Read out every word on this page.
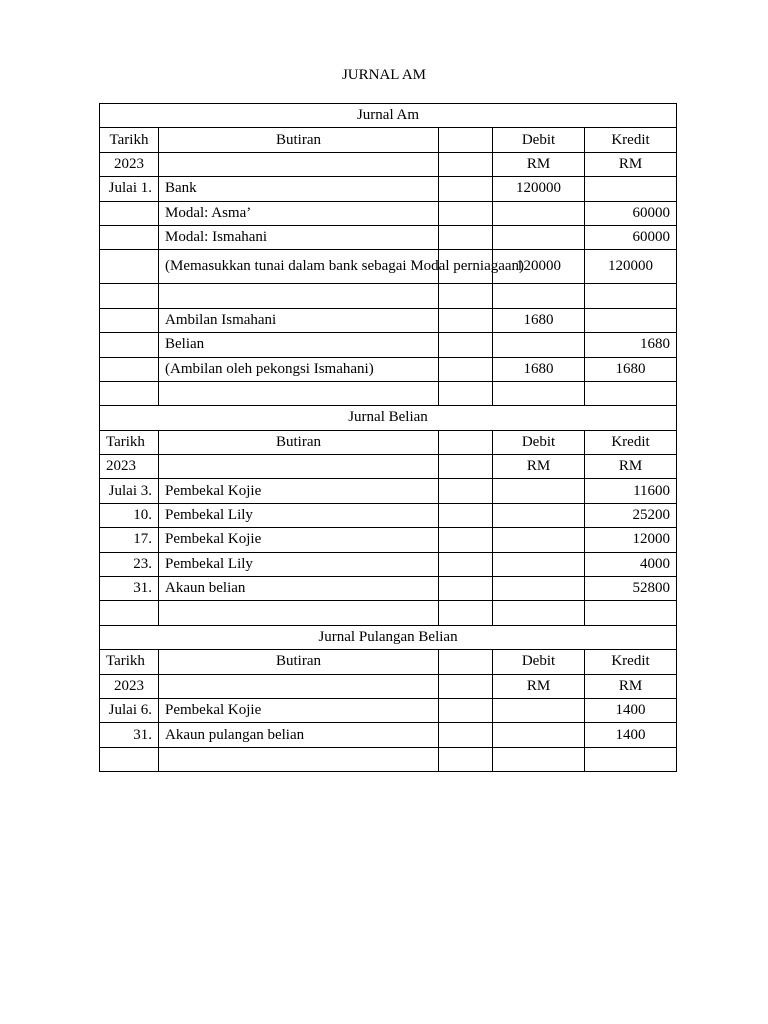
JURNAL AM
Jurnal Am				
Tarikh	Butiran		Debit	Kredit
2023			RM	RM
Julai 1.	Bank		120000	
	Modal: Asma’			60000
	Modal: Ismahani			60000
	(Memasukkan tunai dalam bank sebagai Modal perniagaan)		120000	120000

	Ambilan Ismahani		1680	
	Belian			1680
	(Ambilan oleh pekongsi Ismahani)		1680	1680

Jurnal Belian				
Tarikh	Butiran		Debit	Kredit
2023			RM	RM
Julai 3.	Pembekal Kojie			11600
10.	Pembekal Lily			25200
17.	Pembekal Kojie			12000
23.	Pembekal Lily			4000
31.	Akaun belian			52800

Jurnal Pulangan Belian				
Tarikh	Butiran		Debit	Kredit
2023			RM	RM
Julai 6.	Pembekal Kojie			1400
31.	Akaun pulangan belian			1400
